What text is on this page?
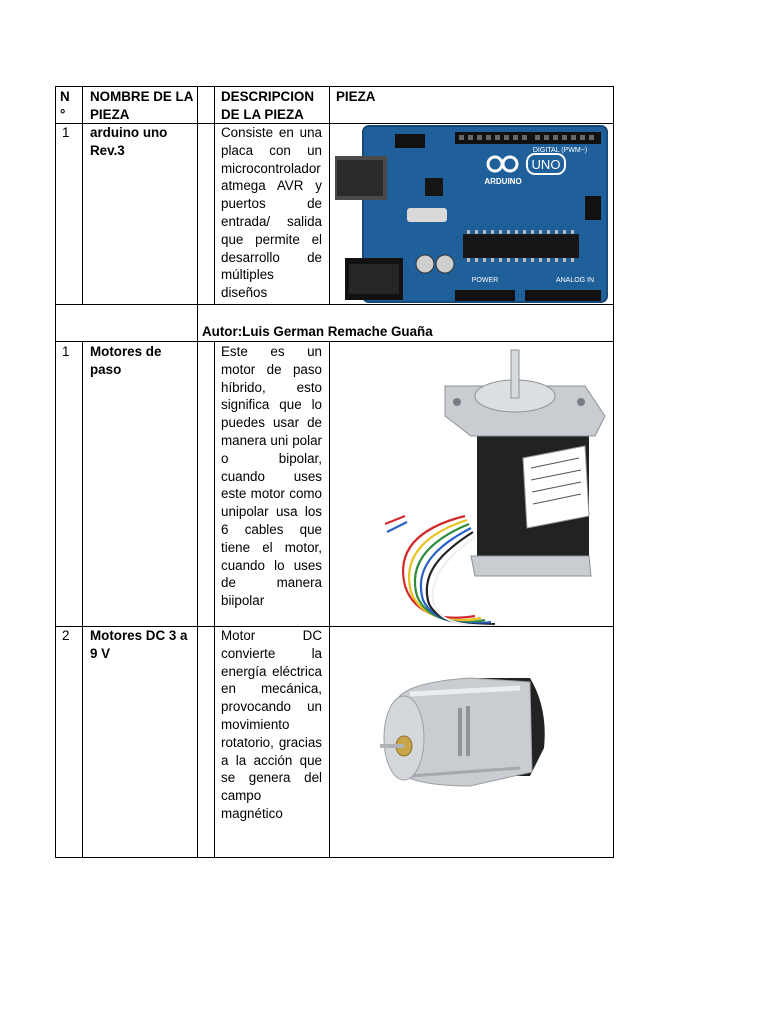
N °
NOMBRE DE LA PIEZA
DESCRIPCION DE LA PIEZA
PIEZA
1 arduino uno Rev.3
Consiste en una placa con un microcontrolador atmega AVR y puertos de entrada/ salida que permite el desarrollo de múltiples diseños
UNO
ARDUINO
DIGITAL (PWM~)
ANALOG IN
POWER
Autor:Luis German Remache Guaña
1 Motores de paso
Este es un motor de paso híbrido, esto significa que lo puedes usar de manera uni polar o bipolar, cuando uses este motor como unipolar usa los 6 cables que tiene el motor, cuando lo uses de manera biipolar
2 Motores DC 3 a 9 V
Motor DC convierte la energía eléctrica en mecánica, provocando un movimiento rotatorio, gracias a la acción que se genera del campo magnético
